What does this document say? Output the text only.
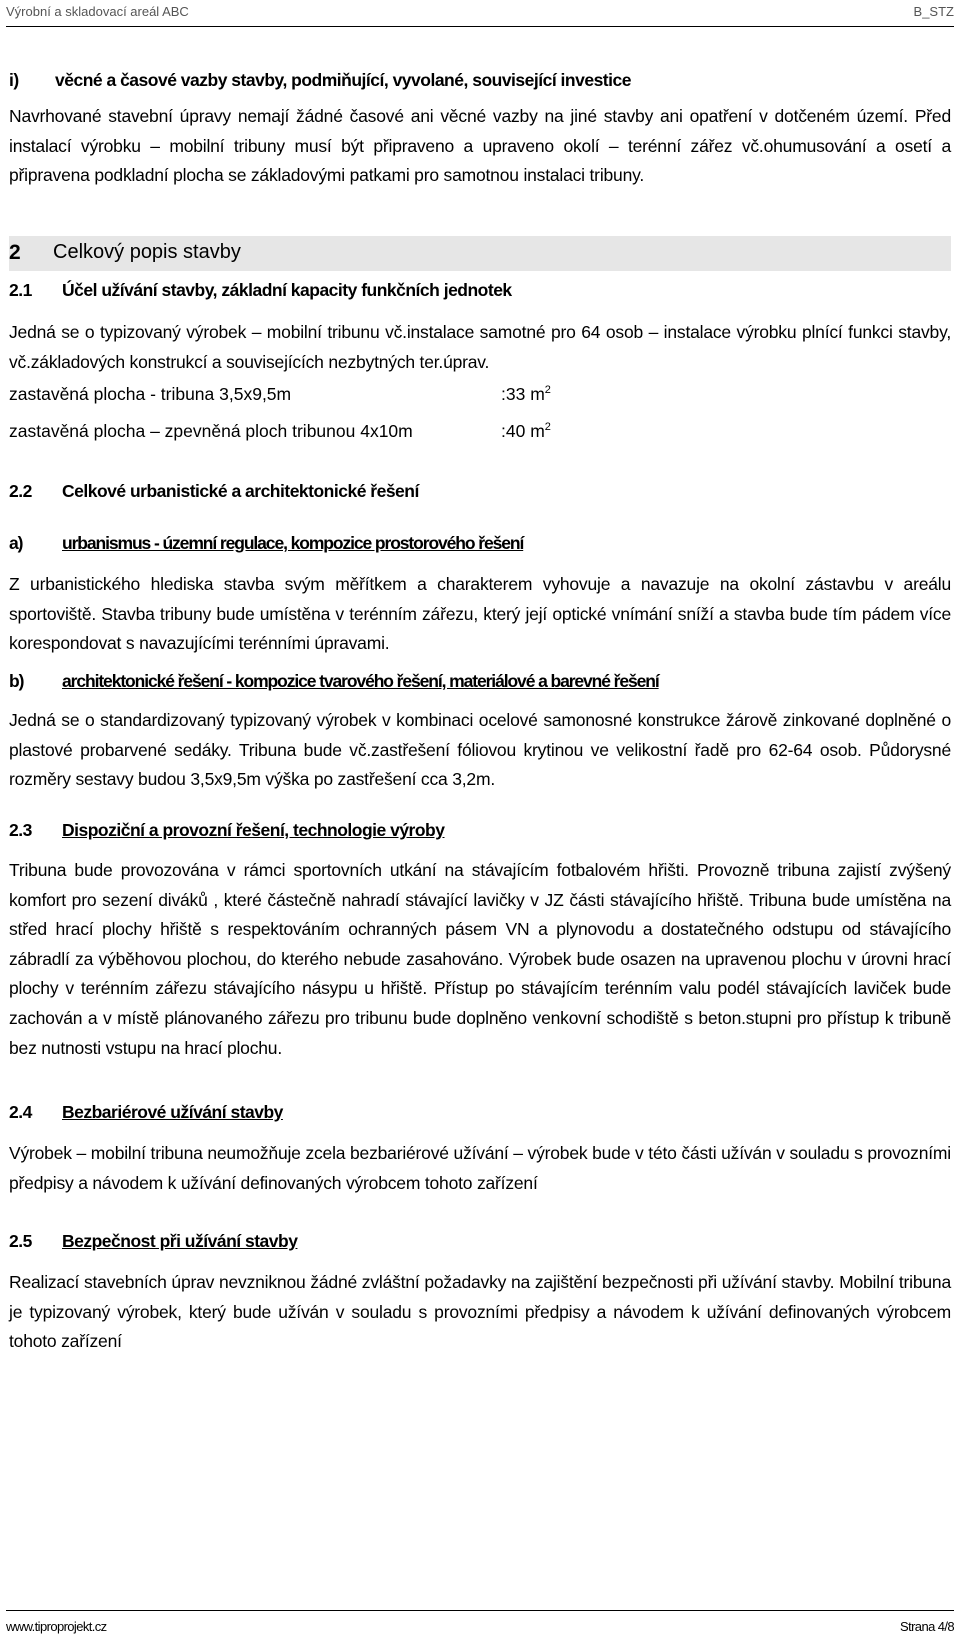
Výrobní a skladovací areál ABC	B_STZ
i) věcné a časové vazby stavby, podmiňující, vyvolané, související investice
Navrhované stavební úpravy nemají žádné časové ani věcné vazby na jiné stavby ani opatření v dotčeném území. Před instalací výrobku – mobilní tribuny musí být připraveno a upraveno okolí – terénní zářez vč.ohumusování a osetí a připravena podkladní plocha se základovými patkami pro samotnou instalaci tribuny.
2 Celkový popis stavby
2.1 Účel užívání stavby, základní kapacity funkčních jednotek
Jedná se o typizovaný výrobek – mobilní tribunu vč.instalace samotné pro 64 osob – instalace výrobku plnící funkci stavby, vč.základových konstrukcí a souvisejících nezbytných ter.úprav.
zastavěná plocha - tribuna 3,5x9,5m	:33 $m^2$
zastavěná plocha – zpevněná ploch tribunou 4x10m	:40 $m^2$
2.2 Celkové urbanistické a architektonické řešení
a) urbanismus - územní regulace, kompozice prostorového řešení
Z urbanistického hlediska stavba svým měřítkem a charakterem vyhovuje a navazuje na okolní zástavbu v areálu sportoviště. Stavba tribuny bude umístěna v terénním zářezu, který její optické vnímání sníží a stavba bude tím pádem více korespondovat s navazujícími terénními úpravami.
b) architektonické řešení - kompozice tvarového řešení, materiálové a barevné řešení
Jedná se o standardizovaný typizovaný výrobek v kombinaci ocelové samonosné konstrukce žárově zinkované doplněné o plastové probarvené sedáky. Tribuna bude vč.zastřešení fóliovou krytinou ve velikostní řadě pro 62-64 osob. Půdorysné rozměry sestavy budou 3,5x9,5m výška po zastřešení cca 3,2m.
2.3 Dispoziční a provozní řešení, technologie výroby
Tribuna bude provozována v rámci sportovních utkání na stávajícím fotbalovém hřišti. Provozně tribuna zajistí zvýšený komfort pro sezení diváků , které částečně nahradí stávající lavičky v JZ části stávajícího hřiště. Tribuna bude umístěna na střed hrací plochy hřiště s respektováním ochranných pásem VN a plynovodu a dostatečného odstupu od stávajícího zábradlí za výběhovou plochou, do kterého nebude zasahováno. Výrobek bude osazen na upravenou plochu v úrovni hrací plochy v terénním zářezu stávajícího násypu u hřiště. Přístup po stávajícím terénním valu podél stávajících laviček bude zachován a v místě plánovaného zářezu pro tribunu bude doplněno venkovní schodiště s beton.stupni pro přístup k tribuně bez nutnosti vstupu na hrací plochu.
2.4 Bezbariérové užívání stavby
Výrobek – mobilní tribuna neumožňuje zcela bezbariérové užívání – výrobek bude v této části užíván v souladu s provozními předpisy a návodem k užívání definovaných výrobcem tohoto zařízení
2.5 Bezpečnost při užívání stavby
Realizací stavebních úprav nevzniknou žádné zvláštní požadavky na zajištění bezpečnosti při užívání stavby. Mobilní tribuna je typizovaný výrobek, který bude užíván v souladu s provozními předpisy a návodem k užívání definovaných výrobcem tohoto zařízení
www.tiproprojekt.cz	Strana 4/8
